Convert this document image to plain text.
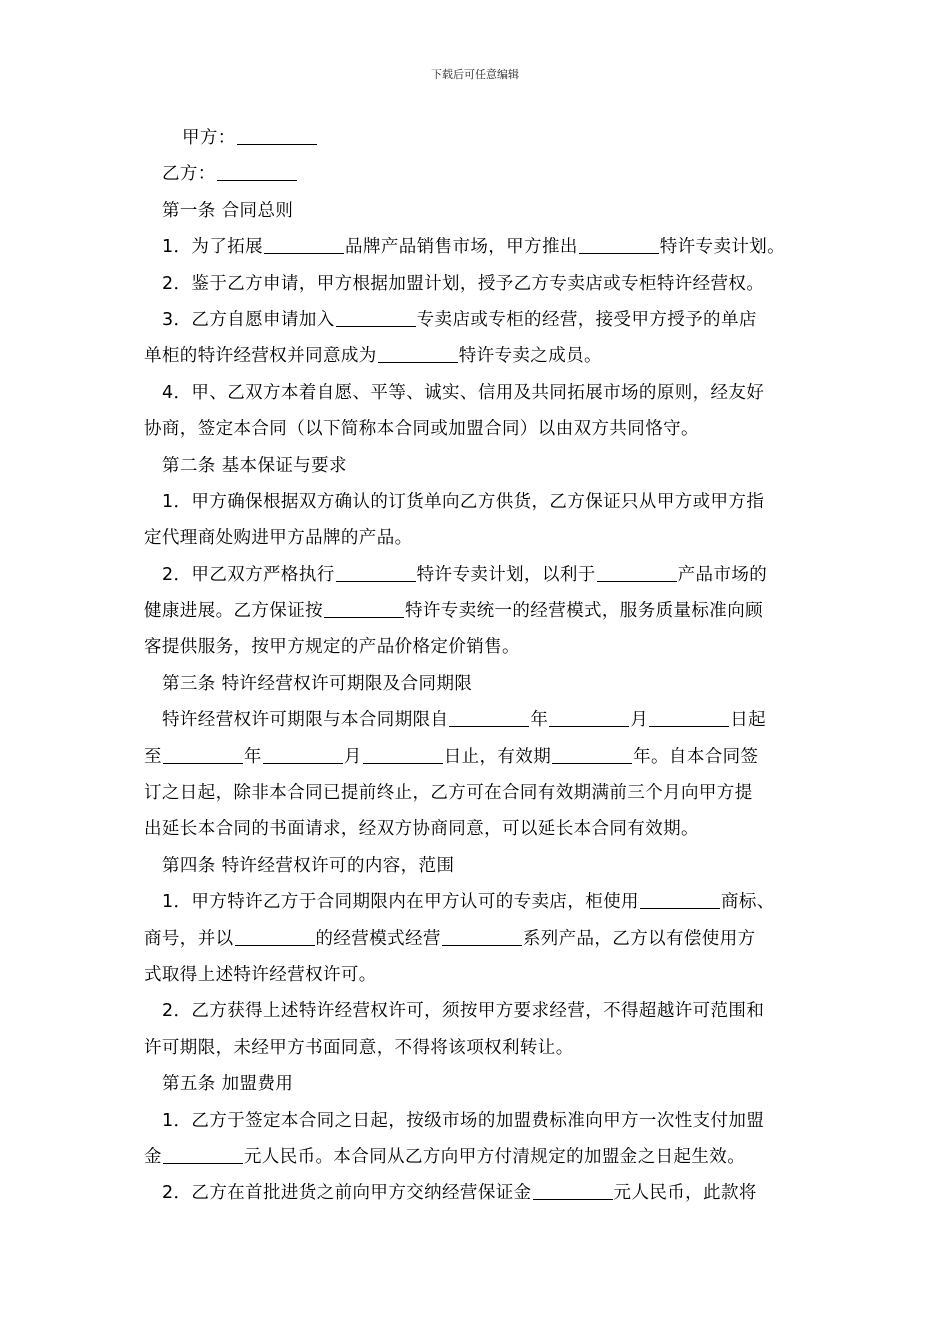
下载后可任意编辑
甲方：
乙方：
第一条 合同总则
1．为了拓展	品牌产品销售市场，甲方推出	特许专卖计划。
2．鉴于乙方申请，甲方根据加盟计划，授予乙方专卖店或专柜特许经营权。
3．乙方自愿申请加入	专卖店或专柜的经营，接受甲方授予的单店
单柜的特许经营权并同意成为	特许专卖之成员。
4．甲、乙双方本着自愿、平等、诚实、信用及共同拓展市场的原则，经友好
协商，签定本合同（以下简称本合同或加盟合同）以由双方共同恪守。
第二条 基本保证与要求
1．甲方确保根据双方确认的订货单向乙方供货，乙方保证只从甲方或甲方指
定代理商处购进甲方品牌的产品。
2．甲乙双方严格执行	特许专卖计划，以利于	产品市场的
健康进展。乙方保证按	特许专卖统一的经营模式，服务质量标准向顾
客提供服务，按甲方规定的产品价格定价销售。
第三条 特许经营权许可期限及合同期限
特许经营权许可期限与本合同期限自	年	月	日起
至	年	月	日止，有效期	年。自本合同签
订之日起，除非本合同已提前终止，乙方可在合同有效期满前三个月向甲方提
出延长本合同的书面请求，经双方协商同意，可以延长本合同有效期。
第四条 特许经营权许可的内容，范围
1．甲方特许乙方于合同期限内在甲方认可的专卖店，柜使用	商标、
商号，并以	的经营模式经营	系列产品，乙方以有偿使用方
式取得上述特许经营权许可。
2．乙方获得上述特许经营权许可，须按甲方要求经营，不得超越许可范围和
许可期限，未经甲方书面同意，不得将该项权利转让。
第五条 加盟费用
1．乙方于签定本合同之日起，按级市场的加盟费标准向甲方一次性支付加盟
金	元人民币。本合同从乙方向甲方付清规定的加盟金之日起生效。
2．乙方在首批进货之前向甲方交纳经营保证金	元人民币，此款将
